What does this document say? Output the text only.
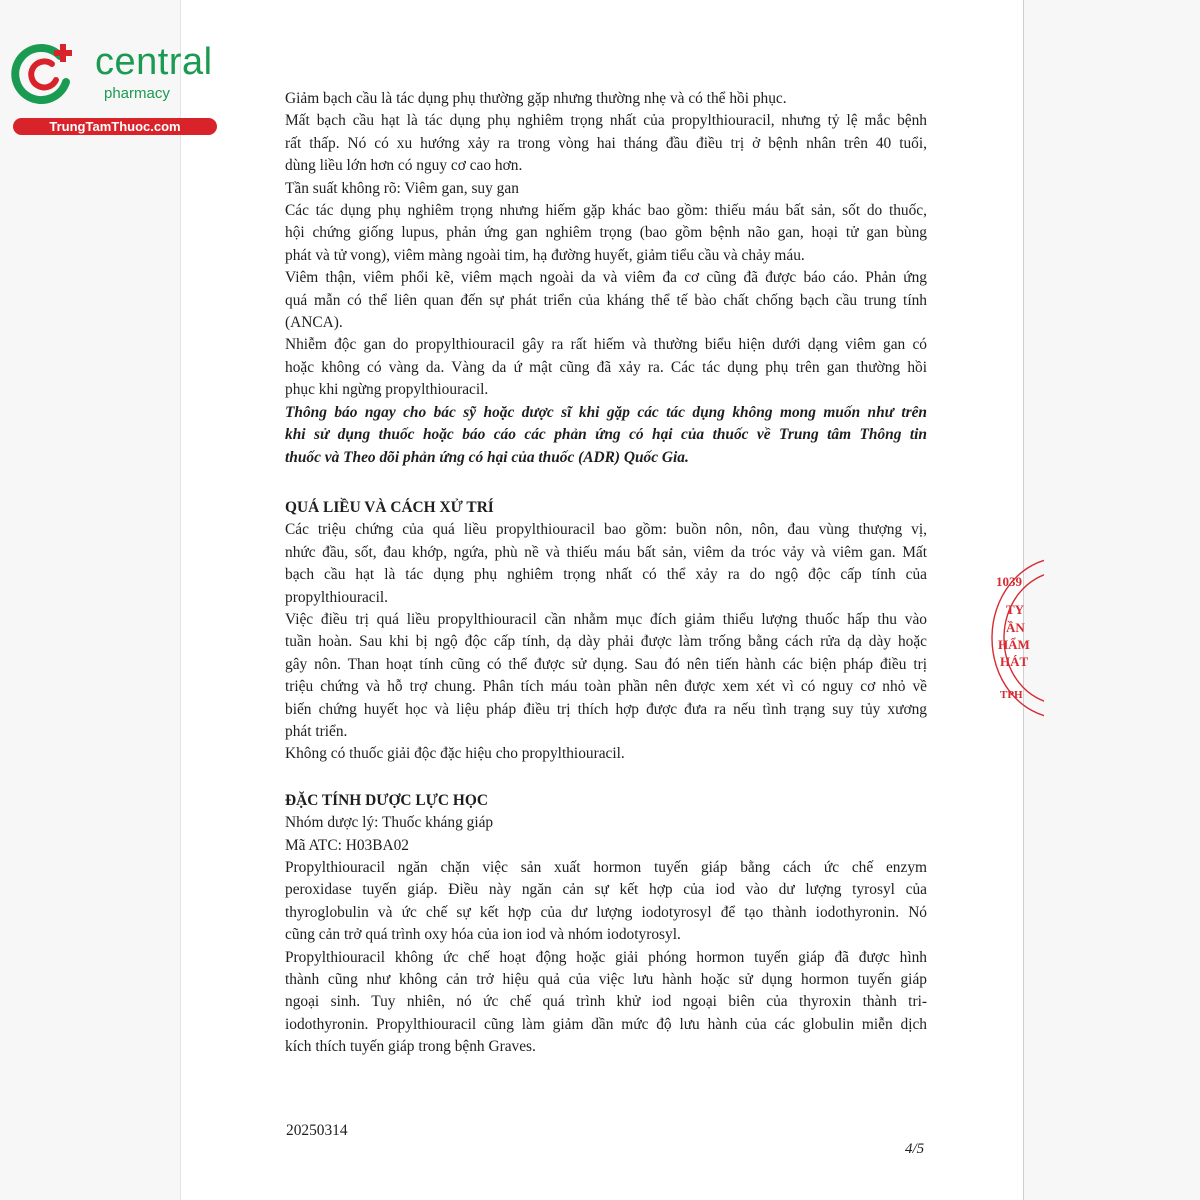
central
pharmacy
TrungTamThuoc.com

Giảm bạch cầu là tác dụng phụ thường gặp nhưng thường nhẹ và có thể hồi phục.

Mất bạch cầu hạt là tác dụng phụ nghiêm trọng nhất của propylthiouracil, nhưng tỷ lệ mắc bệnh

rất thấp. Nó có xu hướng xảy ra trong vòng hai tháng đầu điều trị ở bệnh nhân trên 40 tuổi,

dùng liều lớn hơn có nguy cơ cao hơn.

Tần suất không rõ: Viêm gan, suy gan

Các tác dụng phụ nghiêm trọng nhưng hiếm gặp khác bao gồm: thiếu máu bất sản, sốt do thuốc,

hội chứng giống lupus, phản ứng gan nghiêm trọng (bao gồm bệnh não gan, hoại tử gan bùng

phát và tử vong), viêm màng ngoài tim, hạ đường huyết, giảm tiểu cầu và chảy máu.

Viêm thận, viêm phổi kẽ, viêm mạch ngoài da và viêm đa cơ cũng đã được báo cáo. Phản ứng

quá mẫn có thể liên quan đến sự phát triển của kháng thể tế bào chất chống bạch cầu trung tính

(ANCA).

Nhiễm độc gan do propylthiouracil gây ra rất hiếm và thường biểu hiện dưới dạng viêm gan có

hoặc không có vàng da. Vàng da ứ mật cũng đã xảy ra. Các tác dụng phụ trên gan thường hồi

phục khi ngừng propylthiouracil.

Thông báo ngay cho bác sỹ hoặc dược sĩ khi gặp các tác dụng không mong muốn như trên

khi sử dụng thuốc hoặc báo cáo các phản ứng có hại của thuốc về Trung tâm Thông tin

thuốc và Theo dõi phản ứng có hại của thuốc (ADR) Quốc Gia.

QUÁ LIỀU VÀ CÁCH XỬ TRÍ

Các triệu chứng của quá liều propylthiouracil bao gồm: buồn nôn, nôn, đau vùng thượng vị,

nhức đầu, sốt, đau khớp, ngứa, phù nề và thiếu máu bất sản, viêm da tróc vảy và viêm gan. Mất

bạch cầu hạt là tác dụng phụ nghiêm trọng nhất có thể xảy ra do ngộ độc cấp tính của

propylthiouracil.

Việc điều trị quá liều propylthiouracil cần nhằm mục đích giảm thiểu lượng thuốc hấp thu vào

tuần hoàn. Sau khi bị ngộ độc cấp tính, dạ dày phải được làm trống bằng cách rửa dạ dày hoặc

gây nôn. Than hoạt tính cũng có thể được sử dụng. Sau đó nên tiến hành các biện pháp điều trị

triệu chứng và hỗ trợ chung. Phân tích máu toàn phần nên được xem xét vì có nguy cơ nhỏ về

biến chứng huyết học và liệu pháp điều trị thích hợp được đưa ra nếu tình trạng suy tủy xương

phát triển.

Không có thuốc giải độc đặc hiệu cho propylthiouracil.

ĐẶC TÍNH DƯỢC LỰC HỌC

Nhóm dược lý: Thuốc kháng giáp

Mã ATC: H03BA02

Propylthiouracil ngăn chặn việc sản xuất hormon tuyến giáp bằng cách ức chế enzym

peroxidase tuyến giáp. Điều này ngăn cản sự kết hợp của iod vào dư lượng tyrosyl của

thyroglobulin và ức chế sự kết hợp của dư lượng iodotyrosyl để tạo thành iodothyronin. Nó

cũng cản trở quá trình oxy hóa của ion iod và nhóm iodotyrosyl.

Propylthiouracil không ức chế hoạt động hoặc giải phóng hormon tuyến giáp đã được hình

thành cũng như không cản trở hiệu quả của việc lưu hành hoặc sử dụng hormon tuyến giáp

ngoại sinh. Tuy nhiên, nó ức chế quá trình khử iod ngoại biên của thyroxin thành tri-

iodothyronin. Propylthiouracil cũng làm giảm dần mức độ lưu hành của các globulin miễn dịch

kích thích tuyến giáp trong bệnh Graves.

20250314
4/5
1039
TY
ẦN
HẨM
HÁT
TPH
